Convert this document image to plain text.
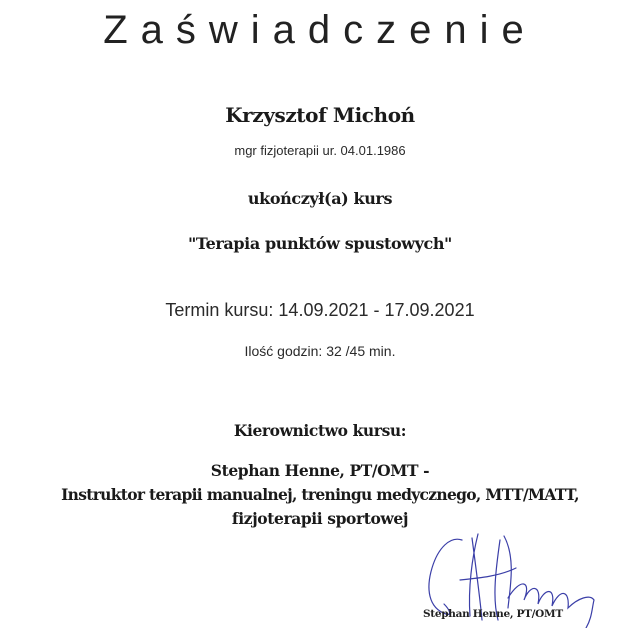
Zaświadczenie
Krzysztof Michoń
mgr fizjoterapii ur. 04.01.1986
ukończył(a) kurs
"Terapia punktów spustowych"
Termin kursu: 14.09.2021 - 17.09.2021
Ilość godzin: 32 /45 min.
Kierownictwo kursu:
Stephan Henne, PT/OMT -
Instruktor terapii manualnej, treningu medycznego, MTT/MATT,
fizjoterapii sportowej
Stephan Henne, PT/OMT
